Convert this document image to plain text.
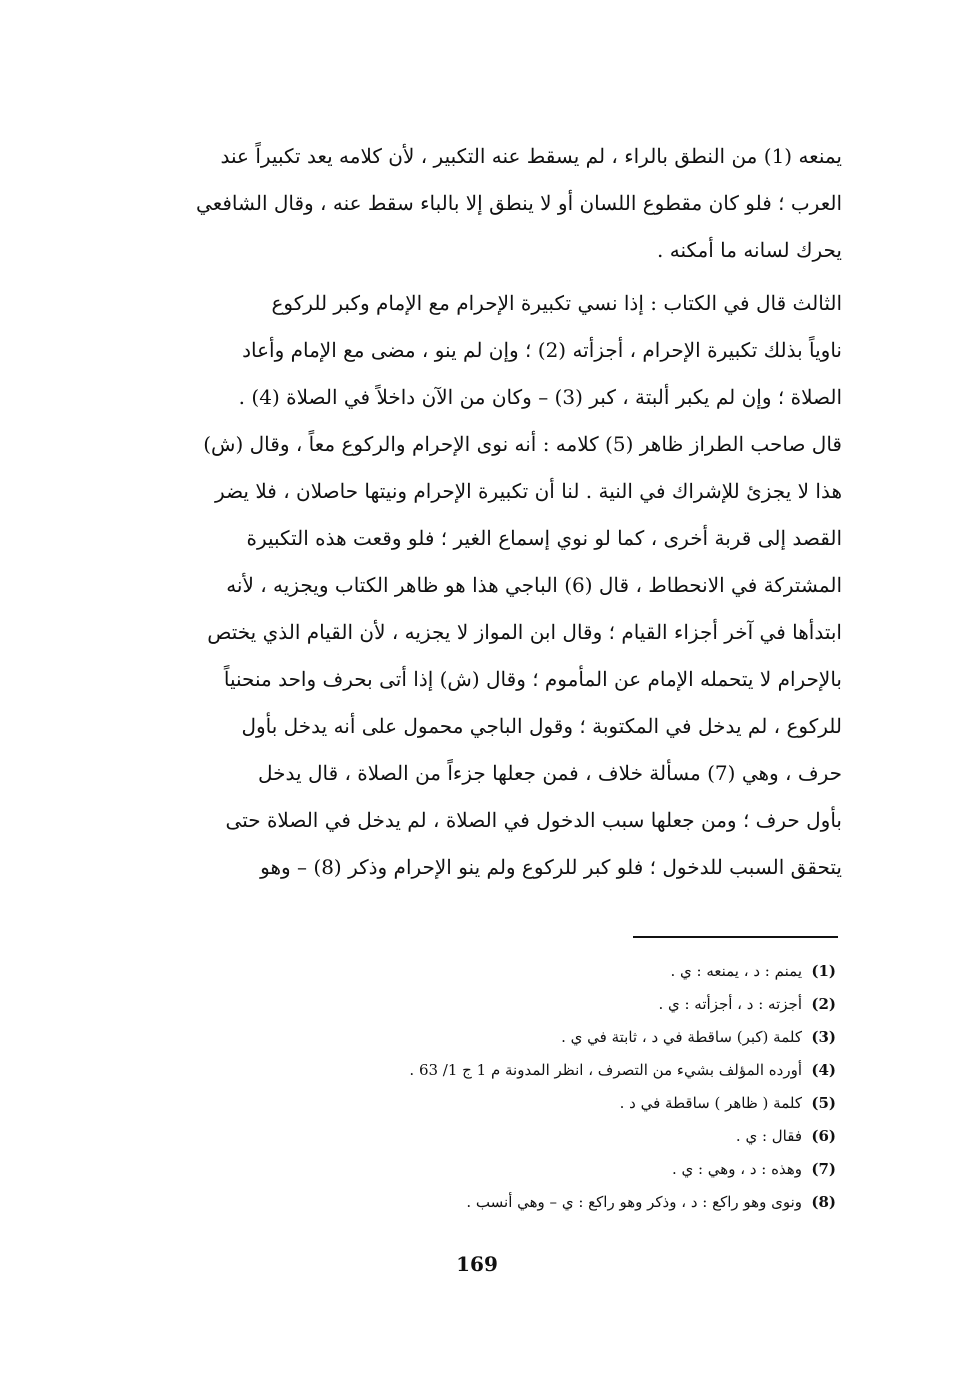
يمنعه (1) من النطق بالراء ، لم يسقط عنه التكبير ، لأن كلامه يعد تكبيراً عند
العرب ؛ فلو كان مقطوع اللسان أو لا ينطق إلا بالباء سقط عنه ، وقال الشافعي
يحرك لسانه ما أمكنه .
الثالث قال في الكتاب : إذا نسي تكبيرة الإحرام مع الإمام وكبر للركوع
ناوياً بذلك تكبيرة الإحرام ، أجزأته (2) ؛ وإن لم ينو ، مضى مع الإمام وأعاد
الصلاة ؛ وإن لم يكبر ألبتة ، كبر (3) – وكان من الآن داخلاً في الصلاة (4) .
قال صاحب الطراز ظاهر (5) كلامه : أنه نوى الإحرام والركوع معاً ، وقال (ش)
هذا لا يجزئ للإشراك في النية . لنا أن تكبيرة الإحرام ونيتها حاصلان ، فلا يضر
القصد إلى قربة أخرى ، كما لو نوي إسماع الغير ؛ فلو وقعت هذه التكبيرة
المشتركة في الانحطاط ، قال (6) الباجي هذا هو ظاهر الكتاب ويجزيه ، لأنه
ابتدأها في آخر أجزاء القيام ؛ وقال ابن المواز لا يجزيه ، لأن القيام الذي يختص
بالإحرام لا يتحمله الإمام عن المأموم ؛ وقال (ش) إذا أتى بحرف واحد منحنياً
للركوع ، لم يدخل في المكتوبة ؛ وقول الباجي محمول على أنه يدخل بأول
حرف ، وهي (7) مسألة خلاف ، فمن جعلها جزءاً من الصلاة ، قال يدخل
بأول حرف ؛ ومن جعلها سبب الدخول في الصلاة ، لم يدخل في الصلاة حتى
يتحقق السبب للدخول ؛ فلو كبر للركوع ولم ينو الإحرام وذكر (8) – وهو
(1)يمنم : د ، يمنعه : ي .
(2)أجزته : د ، أجزأته : ي .
(3)كلمة (كبر) ساقطة في د ، ثابتة في ي .
(4)أورده المؤلف بشيء من التصرف ، انظر المدونة م 1 ج 1/ 63 .
(5)كلمة ( ظاهر ) ساقطة في د .
(6)فقال : ي .
(7)وهذه : د ، وهي : ي .
(8)ونوى وهو راكع : د ، وذكر وهو راكع : ي – وهي أنسب .
169
